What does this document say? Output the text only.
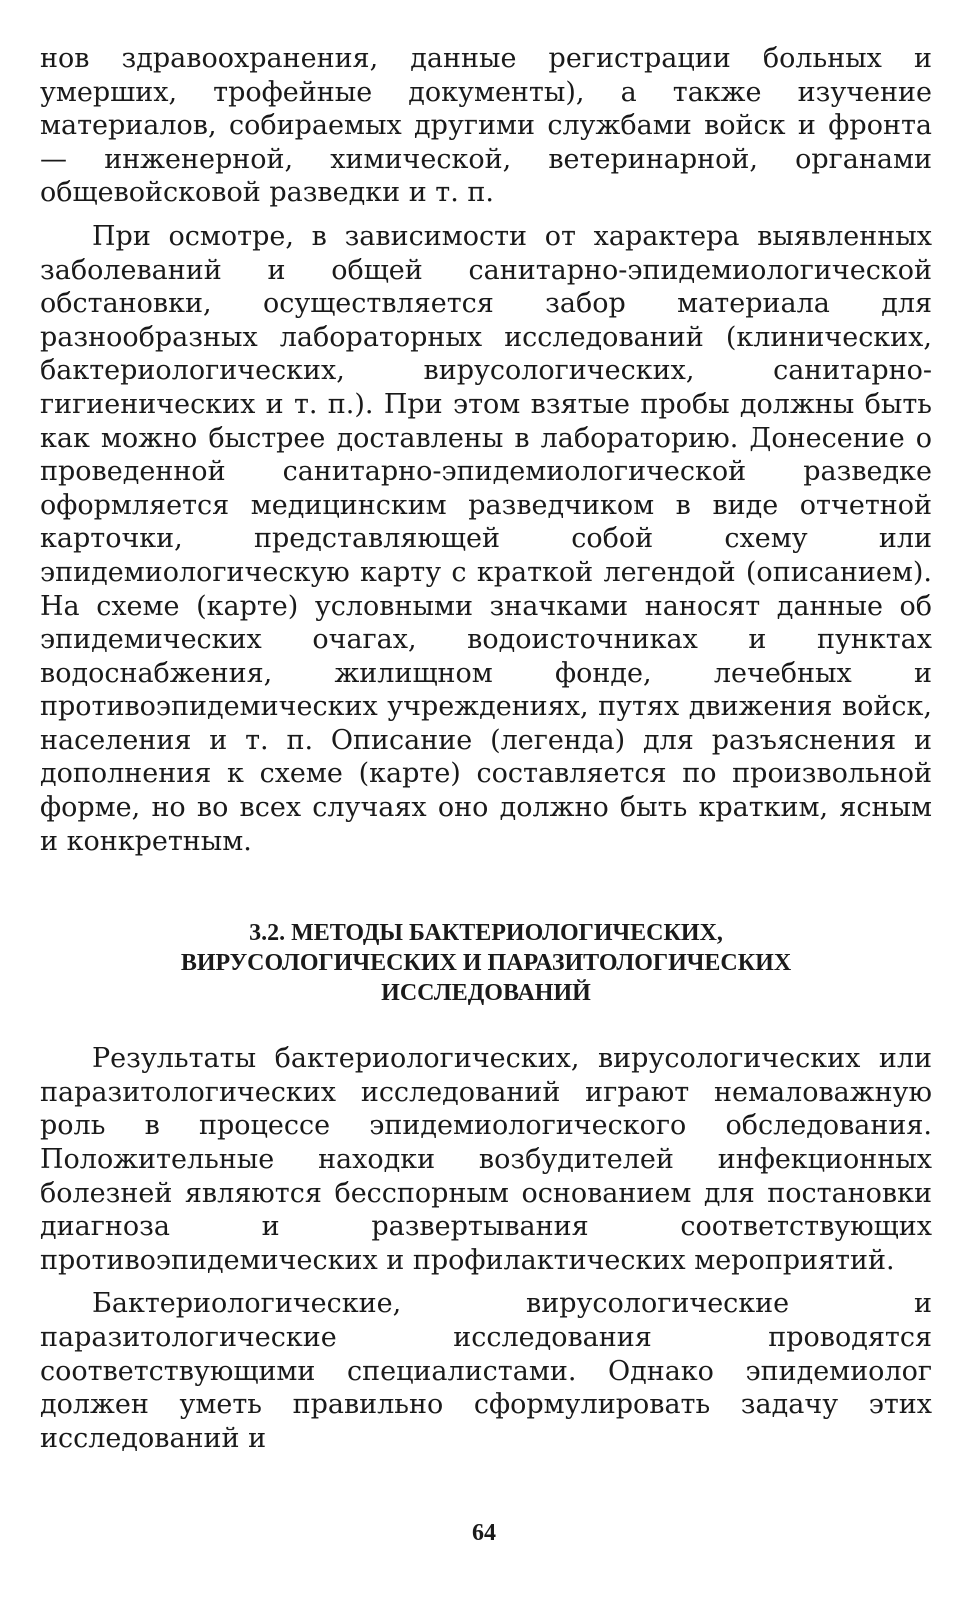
нов здравоохранения, данные регистрации больных и умерших, трофейные документы), а также изучение материалов, собираемых другими службами войск и фронта — инженерной, химической, ветеринарной, органами общевойсковой разведки и т. п.

При осмотре, в зависимости от характера выявленных заболеваний и общей санитарно-эпидемиологической обстановки, осуществляется забор материала для разнообразных лабораторных исследований (клинических, бактериологических, вирусологических, санитарно-гигиенических и т. п.). При этом взятые пробы должны быть как можно быстрее доставлены в лабораторию. Донесение о проведенной санитарно-эпидемиологической разведке оформляется медицинским разведчиком в виде отчетной карточки, представляющей собой схему или эпидемиологическую карту с краткой легендой (описанием). На схеме (карте) условными значками наносят данные об эпидемических очагах, водоисточниках и пунктах водоснабжения, жилищном фонде, лечебных и противоэпидемических учреждениях, путях движения войск, населения и т. п. Описание (легенда) для разъяснения и дополнения к схеме (карте) составляется по произвольной форме, но во всех случаях оно должно быть кратким, ясным и конкретным.

3.2. МЕТОДЫ БАКТЕРИОЛОГИЧЕСКИХ,
ВИРУСОЛОГИЧЕСКИХ И ПАРАЗИТОЛОГИЧЕСКИХ
ИССЛЕДОВАНИЙ

Результаты бактериологических, вирусологических или паразитологических исследований играют немаловажную роль в процессе эпидемиологического обследования. Положительные находки возбудителей инфекционных болезней являются бесспорным основанием для постановки диагноза и развертывания соответствующих противоэпидемических и профилактических мероприятий.

Бактериологические, вирусологические и паразитологические исследования проводятся соответствующими специалистами. Однако эпидемиолог должен уметь правильно сформулировать задачу этих исследований и

64
